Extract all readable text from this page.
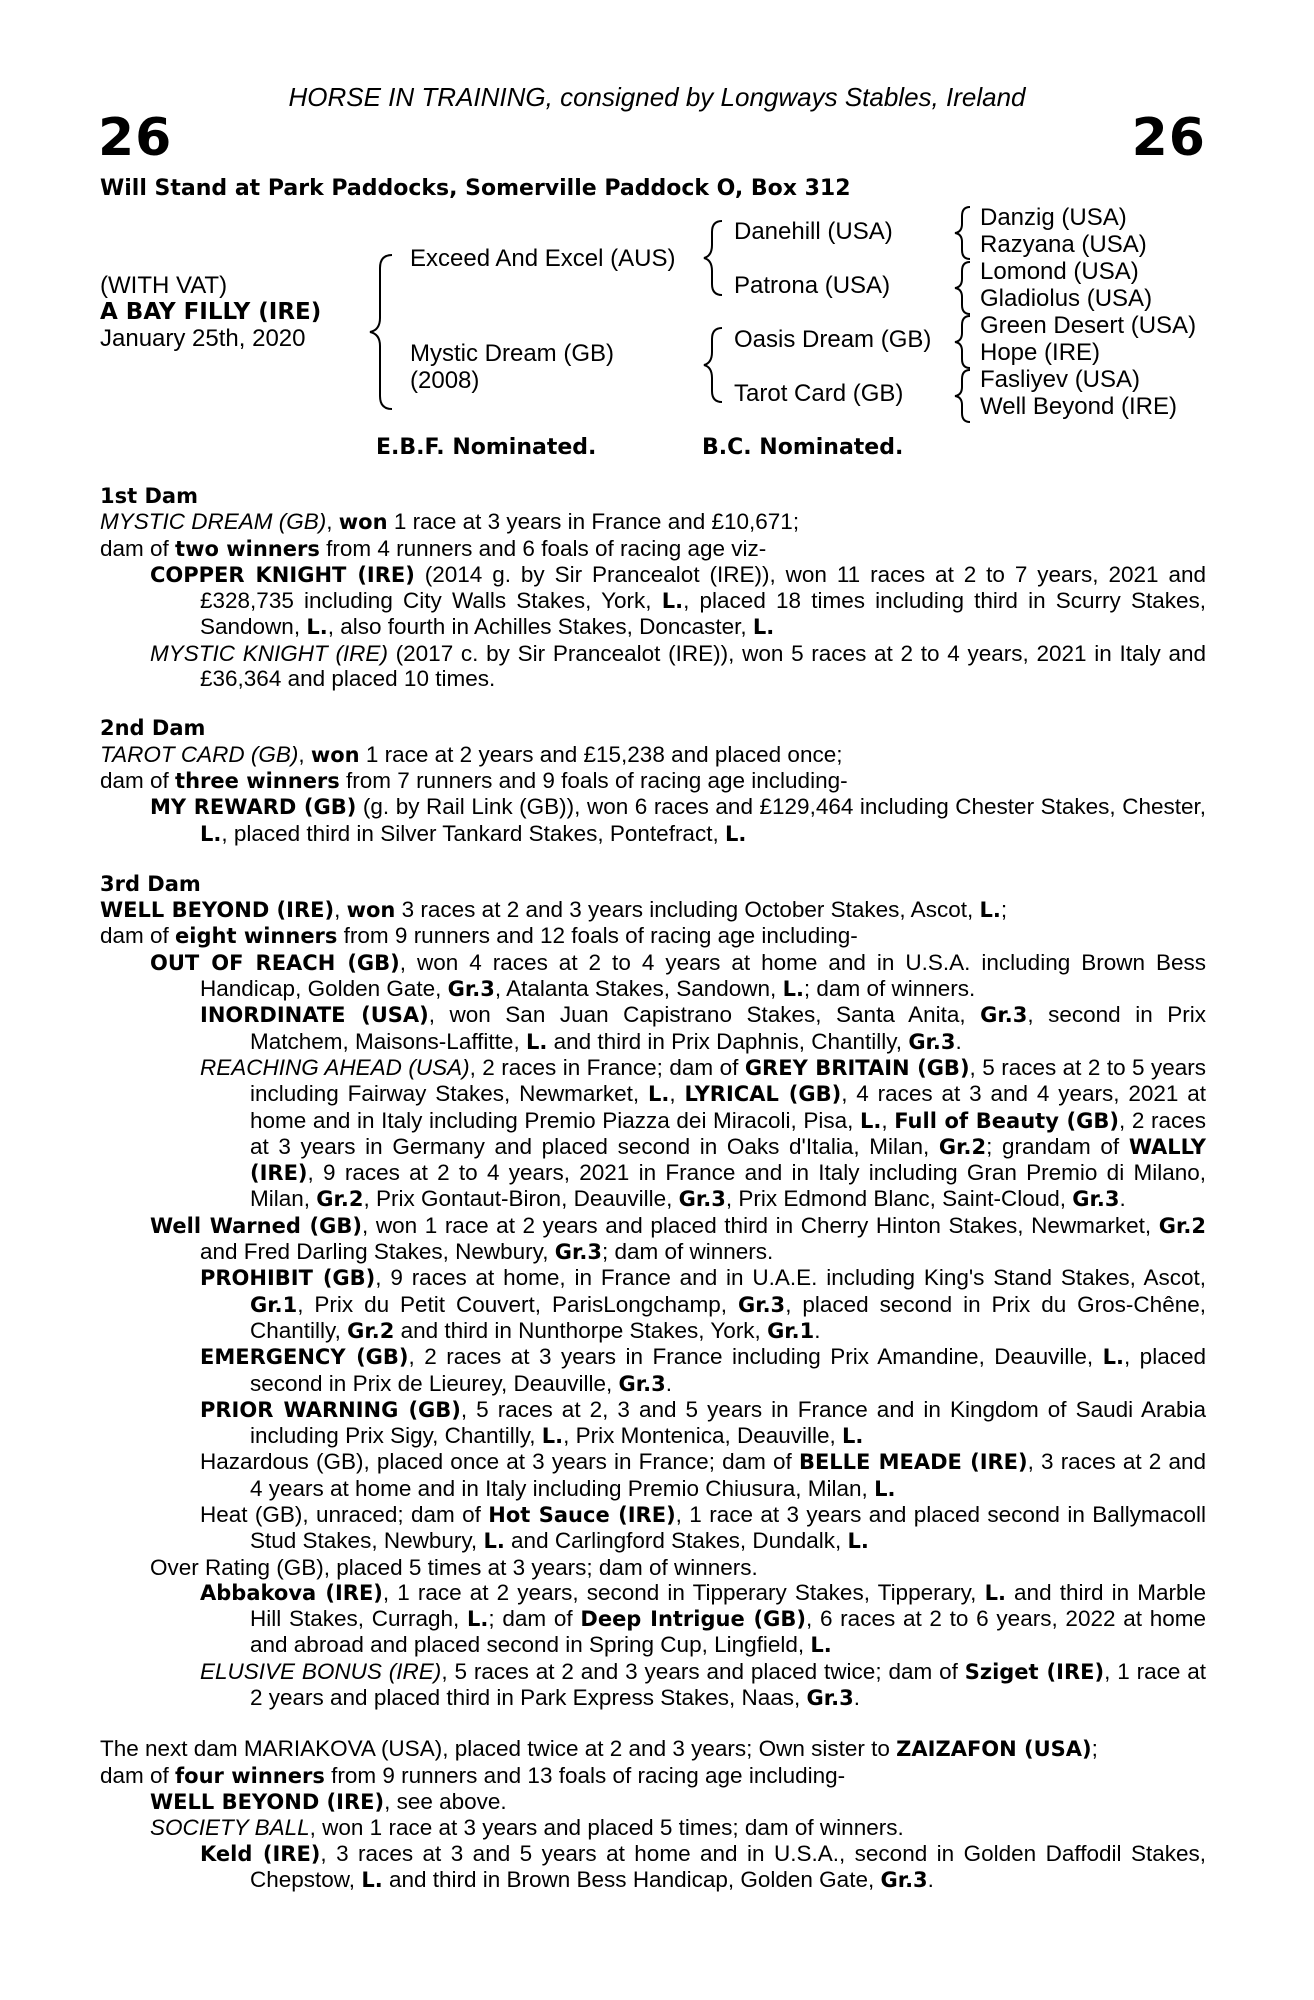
HORSE IN TRAINING, consigned by Longways Stables, Ireland
26	26
Will Stand at Park Paddocks, Somerville Paddock O, Box 312
(WITH VAT)
A BAY FILLY (IRE)
January 25th, 2020
Exceed And Excel (AUS)
Mystic Dream (GB)
(2008)
Danehill (USA)
Patrona (USA)
Oasis Dream (GB)
Tarot Card (GB)
Danzig (USA)
Razyana (USA)
Lomond (USA)
Gladiolus (USA)
Green Desert (USA)
Hope (IRE)
Fasliyev (USA)
Well Beyond (IRE)
E.B.F. Nominated.	B.C. Nominated.
1st Dam

MYSTIC DREAM (GB), won 1 race at 3 years in France and £10,671;

dam of two winners from 4 runners and 6 foals of racing age viz-

COPPER KNIGHT (IRE) (2014 g. by Sir Prancealot (IRE)), won 11 races at 2 to 7 years, 2021 and £328,735 including City Walls Stakes, York, L., placed 18 times including third in Scurry Stakes, Sandown, L., also fourth in Achilles Stakes, Doncaster, L.

MYSTIC KNIGHT (IRE) (2017 c. by Sir Prancealot (IRE)), won 5 races at 2 to 4 years, 2021 in Italy and £36,364 and placed 10 times.

2nd Dam

TAROT CARD (GB), won 1 race at 2 years and £15,238 and placed once;

dam of three winners from 7 runners and 9 foals of racing age including-

MY REWARD (GB) (g. by Rail Link (GB)), won 6 races and £129,464 including Chester Stakes, Chester, L., placed third in Silver Tankard Stakes, Pontefract, L.

3rd Dam

WELL BEYOND (IRE), won 3 races at 2 and 3 years including October Stakes, Ascot, L.;

dam of eight winners from 9 runners and 12 foals of racing age including-

OUT OF REACH (GB), won 4 races at 2 to 4 years at home and in U.S.A. including Brown Bess Handicap, Golden Gate, Gr.3, Atalanta Stakes, Sandown, L.; dam of winners.

INORDINATE (USA), won San Juan Capistrano Stakes, Santa Anita, Gr.3, second in Prix Matchem, Maisons-Laffitte, L. and third in Prix Daphnis, Chantilly, Gr.3.

REACHING AHEAD (USA), 2 races in France; dam of GREY BRITAIN (GB), 5 races at 2 to 5 years including Fairway Stakes, Newmarket, L., LYRICAL (GB), 4 races at 3 and 4 years, 2021 at home and in Italy including Premio Piazza dei Miracoli, Pisa, L., Full of Beauty (GB), 2 races at 3 years in Germany and placed second in Oaks d'Italia, Milan, Gr.2; grandam of WALLY (IRE), 9 races at 2 to 4 years, 2021 in France and in Italy including Gran Premio di Milano, Milan, Gr.2, Prix Gontaut-Biron, Deauville, Gr.3, Prix Edmond Blanc, Saint-Cloud, Gr.3.

Well Warned (GB), won 1 race at 2 years and placed third in Cherry Hinton Stakes, Newmarket, Gr.2 and Fred Darling Stakes, Newbury, Gr.3; dam of winners.

PROHIBIT (GB), 9 races at home, in France and in U.A.E. including King's Stand Stakes, Ascot, Gr.1, Prix du Petit Couvert, ParisLongchamp, Gr.3, placed second in Prix du Gros-Chêne, Chantilly, Gr.2 and third in Nunthorpe Stakes, York, Gr.1.

EMERGENCY (GB), 2 races at 3 years in France including Prix Amandine, Deauville, L., placed second in Prix de Lieurey, Deauville, Gr.3.

PRIOR WARNING (GB), 5 races at 2, 3 and 5 years in France and in Kingdom of Saudi Arabia including Prix Sigy, Chantilly, L., Prix Montenica, Deauville, L.

Hazardous (GB), placed once at 3 years in France; dam of BELLE MEADE (IRE), 3 races at 2 and 4 years at home and in Italy including Premio Chiusura, Milan, L.

Heat (GB), unraced; dam of Hot Sauce (IRE), 1 race at 3 years and placed second in Ballymacoll Stud Stakes, Newbury, L. and Carlingford Stakes, Dundalk, L.

Over Rating (GB), placed 5 times at 3 years; dam of winners.

Abbakova (IRE), 1 race at 2 years, second in Tipperary Stakes, Tipperary, L. and third in Marble Hill Stakes, Curragh, L.; dam of Deep Intrigue (GB), 6 races at 2 to 6 years, 2022 at home and abroad and placed second in Spring Cup, Lingfield, L.

ELUSIVE BONUS (IRE), 5 races at 2 and 3 years and placed twice; dam of Sziget (IRE), 1 race at 2 years and placed third in Park Express Stakes, Naas, Gr.3.

The next dam MARIAKOVA (USA), placed twice at 2 and 3 years; Own sister to ZAIZAFON (USA);

dam of four winners from 9 runners and 13 foals of racing age including-

WELL BEYOND (IRE), see above.

SOCIETY BALL, won 1 race at 3 years and placed 5 times; dam of winners.

Keld (IRE), 3 races at 3 and 5 years at home and in U.S.A., second in Golden Daffodil Stakes, Chepstow, L. and third in Brown Bess Handicap, Golden Gate, Gr.3.
